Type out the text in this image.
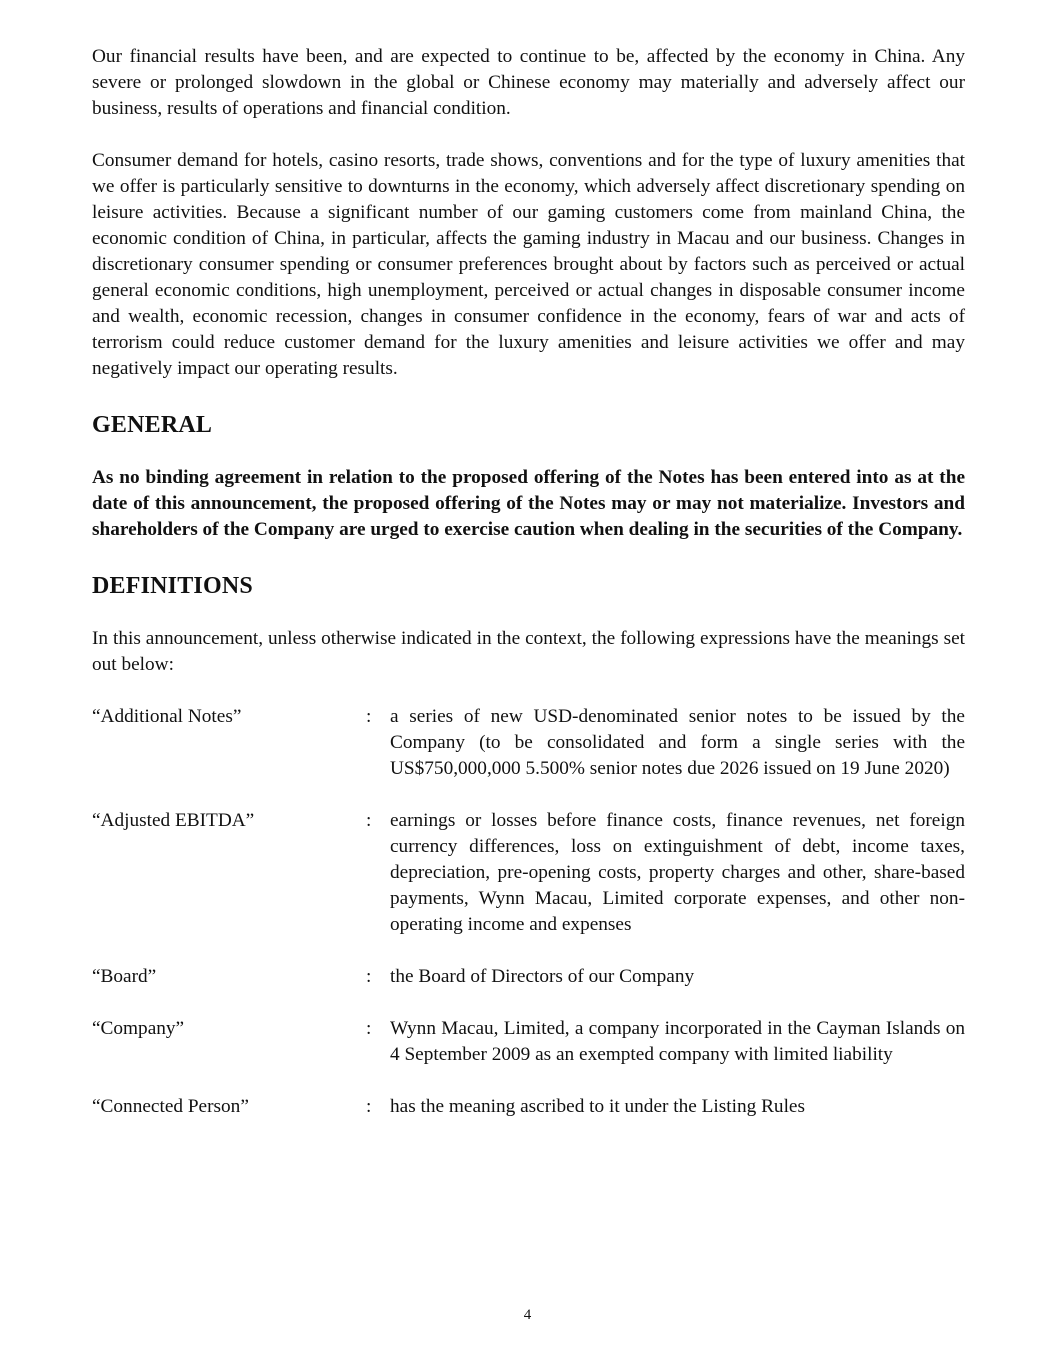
Our financial results have been, and are expected to continue to be, affected by the economy in China. Any severe or prolonged slowdown in the global or Chinese economy may materially and adversely affect our business, results of operations and financial condition.

Consumer demand for hotels, casino resorts, trade shows, conventions and for the type of luxury amenities that we offer is particularly sensitive to downturns in the economy, which adversely affect discretionary spending on leisure activities. Because a significant number of our gaming customers come from mainland China, the economic condition of China, in particular, affects the gaming industry in Macau and our business. Changes in discretionary consumer spending or consumer preferences brought about by factors such as perceived or actual general economic conditions, high unemployment, perceived or actual changes in disposable consumer income and wealth, economic recession, changes in consumer confidence in the economy, fears of war and acts of terrorism could reduce customer demand for the luxury amenities and leisure activities we offer and may negatively impact our operating results.

GENERAL

As no binding agreement in relation to the proposed offering of the Notes has been entered into as at the date of this announcement, the proposed offering of the Notes may or may not materialize. Investors and shareholders of the Company are urged to exercise caution when dealing in the securities of the Company.

DEFINITIONS

In this announcement, unless otherwise indicated in the context, the following expressions have the meanings set out below:

“Additional Notes”	: a series of new USD-denominated senior notes to be issued by the Company (to be consolidated and form a single series with the US$750,000,000 5.500% senior notes due 2026 issued on 19 June 2020)
“Adjusted EBITDA”	: earnings or losses before finance costs, finance revenues, net foreign currency differences, loss on extinguishment of debt, income taxes, depreciation, pre-opening costs, property charges and other, share-based payments, Wynn Macau, Limited corporate expenses, and other non-operating income and expenses
“Board”	: the Board of Directors of our Company
“Company”	: Wynn Macau, Limited, a company incorporated in the Cayman Islands on 4 September 2009 as an exempted company with limited liability
“Connected Person”	: has the meaning ascribed to it under the Listing Rules
4
